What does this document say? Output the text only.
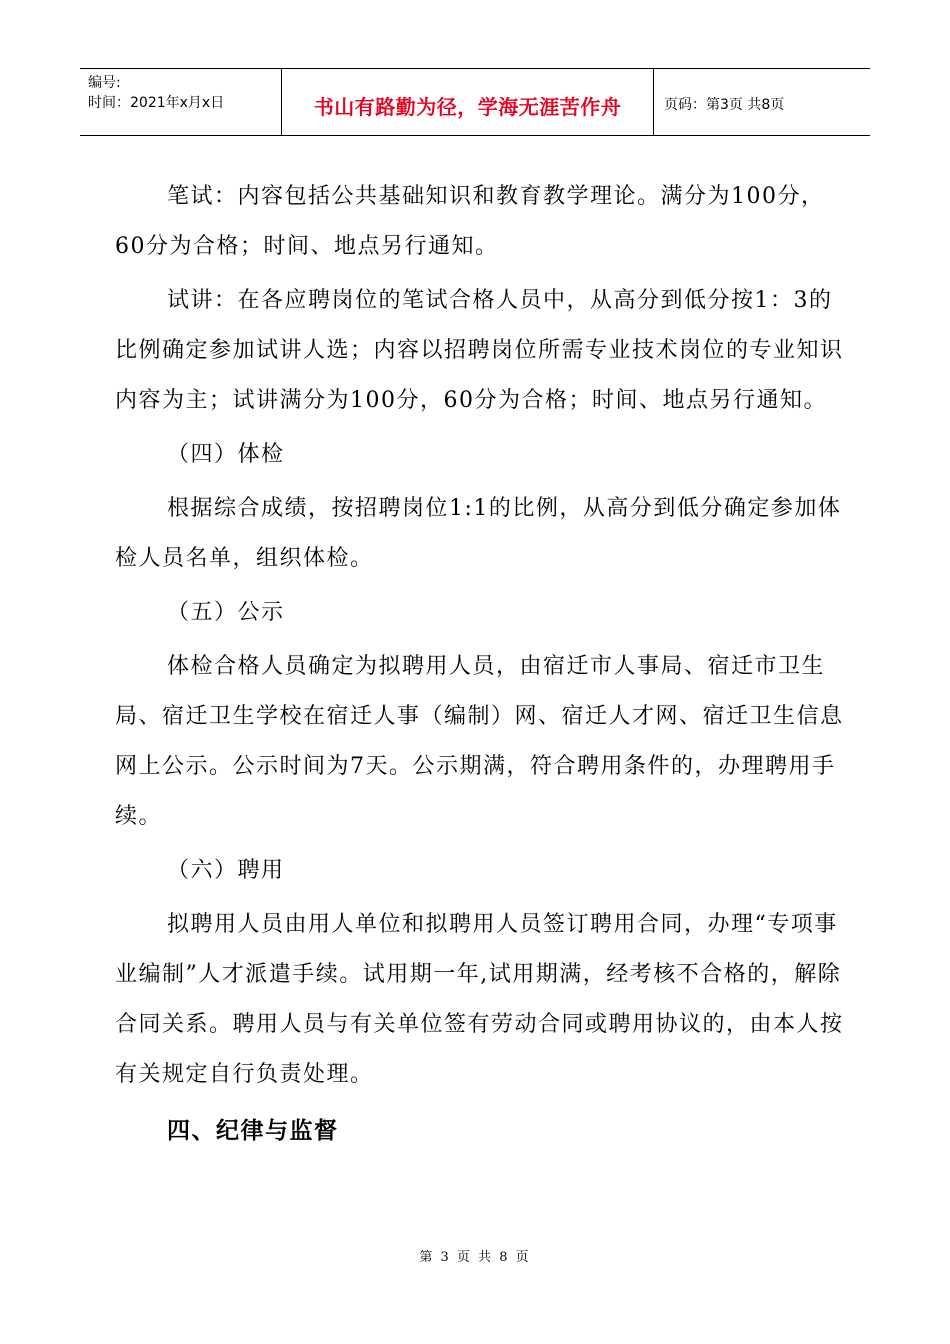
编号:
时间：2021年x月x日	书山有路勤为径，学海无涯苦作舟	页码：第3页 共8页

笔试：内容包括公共基础知识和教育教学理论。满分为100分，60分为合格；时间、地点另行通知。

试讲：在各应聘岗位的笔试合格人员中，从高分到低分按1：3的比例确定参加试讲人选；内容以招聘岗位所需专业技术岗位的专业知识内容为主；试讲满分为100分，60分为合格；时间、地点另行通知。

（四）体检

根据综合成绩，按招聘岗位1:1的比例，从高分到低分确定参加体检人员名单，组织体检。

（五）公示

体检合格人员确定为拟聘用人员，由宿迁市人事局、宿迁市卫生局、宿迁卫生学校在宿迁人事（编制）网、宿迁人才网、宿迁卫生信息网上公示。公示时间为7天。公示期满，符合聘用条件的，办理聘用手续。

（六）聘用

拟聘用人员由用人单位和拟聘用人员签订聘用合同，办理“专项事业编制”人才派遣手续。试用期一年,试用期满，经考核不合格的，解除合同关系。聘用人员与有关单位签有劳动合同或聘用协议的，由本人按有关规定自行负责处理。

四、纪律与监督

第 3 页 共 8 页
